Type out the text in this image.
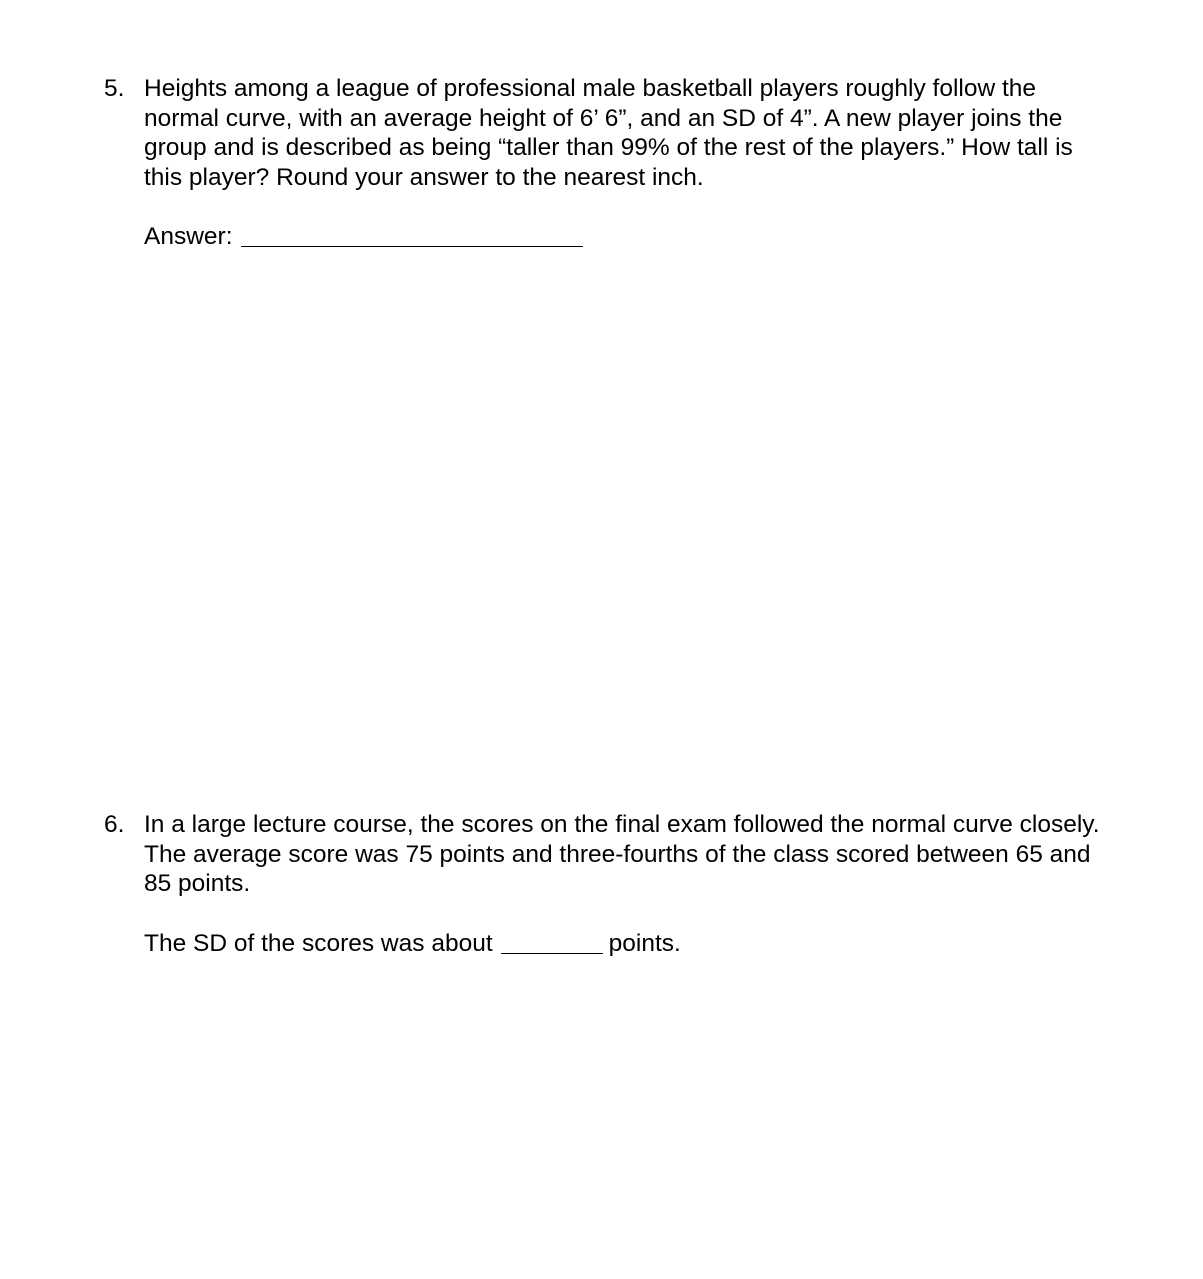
5. Heights among a league of professional male basketball players roughly follow the normal curve, with an average height of 6’ 6”, and an SD of 4”. A new player joins the group and is described as being “taller than 99% of the rest of the players.” How tall is this player? Round your answer to the nearest inch.
Answer:
6. In a large lecture course, the scores on the final exam followed the normal curve closely. The average score was 75 points and three-fourths of the class scored between 65 and 85 points.
The SD of the scores was about	points.
